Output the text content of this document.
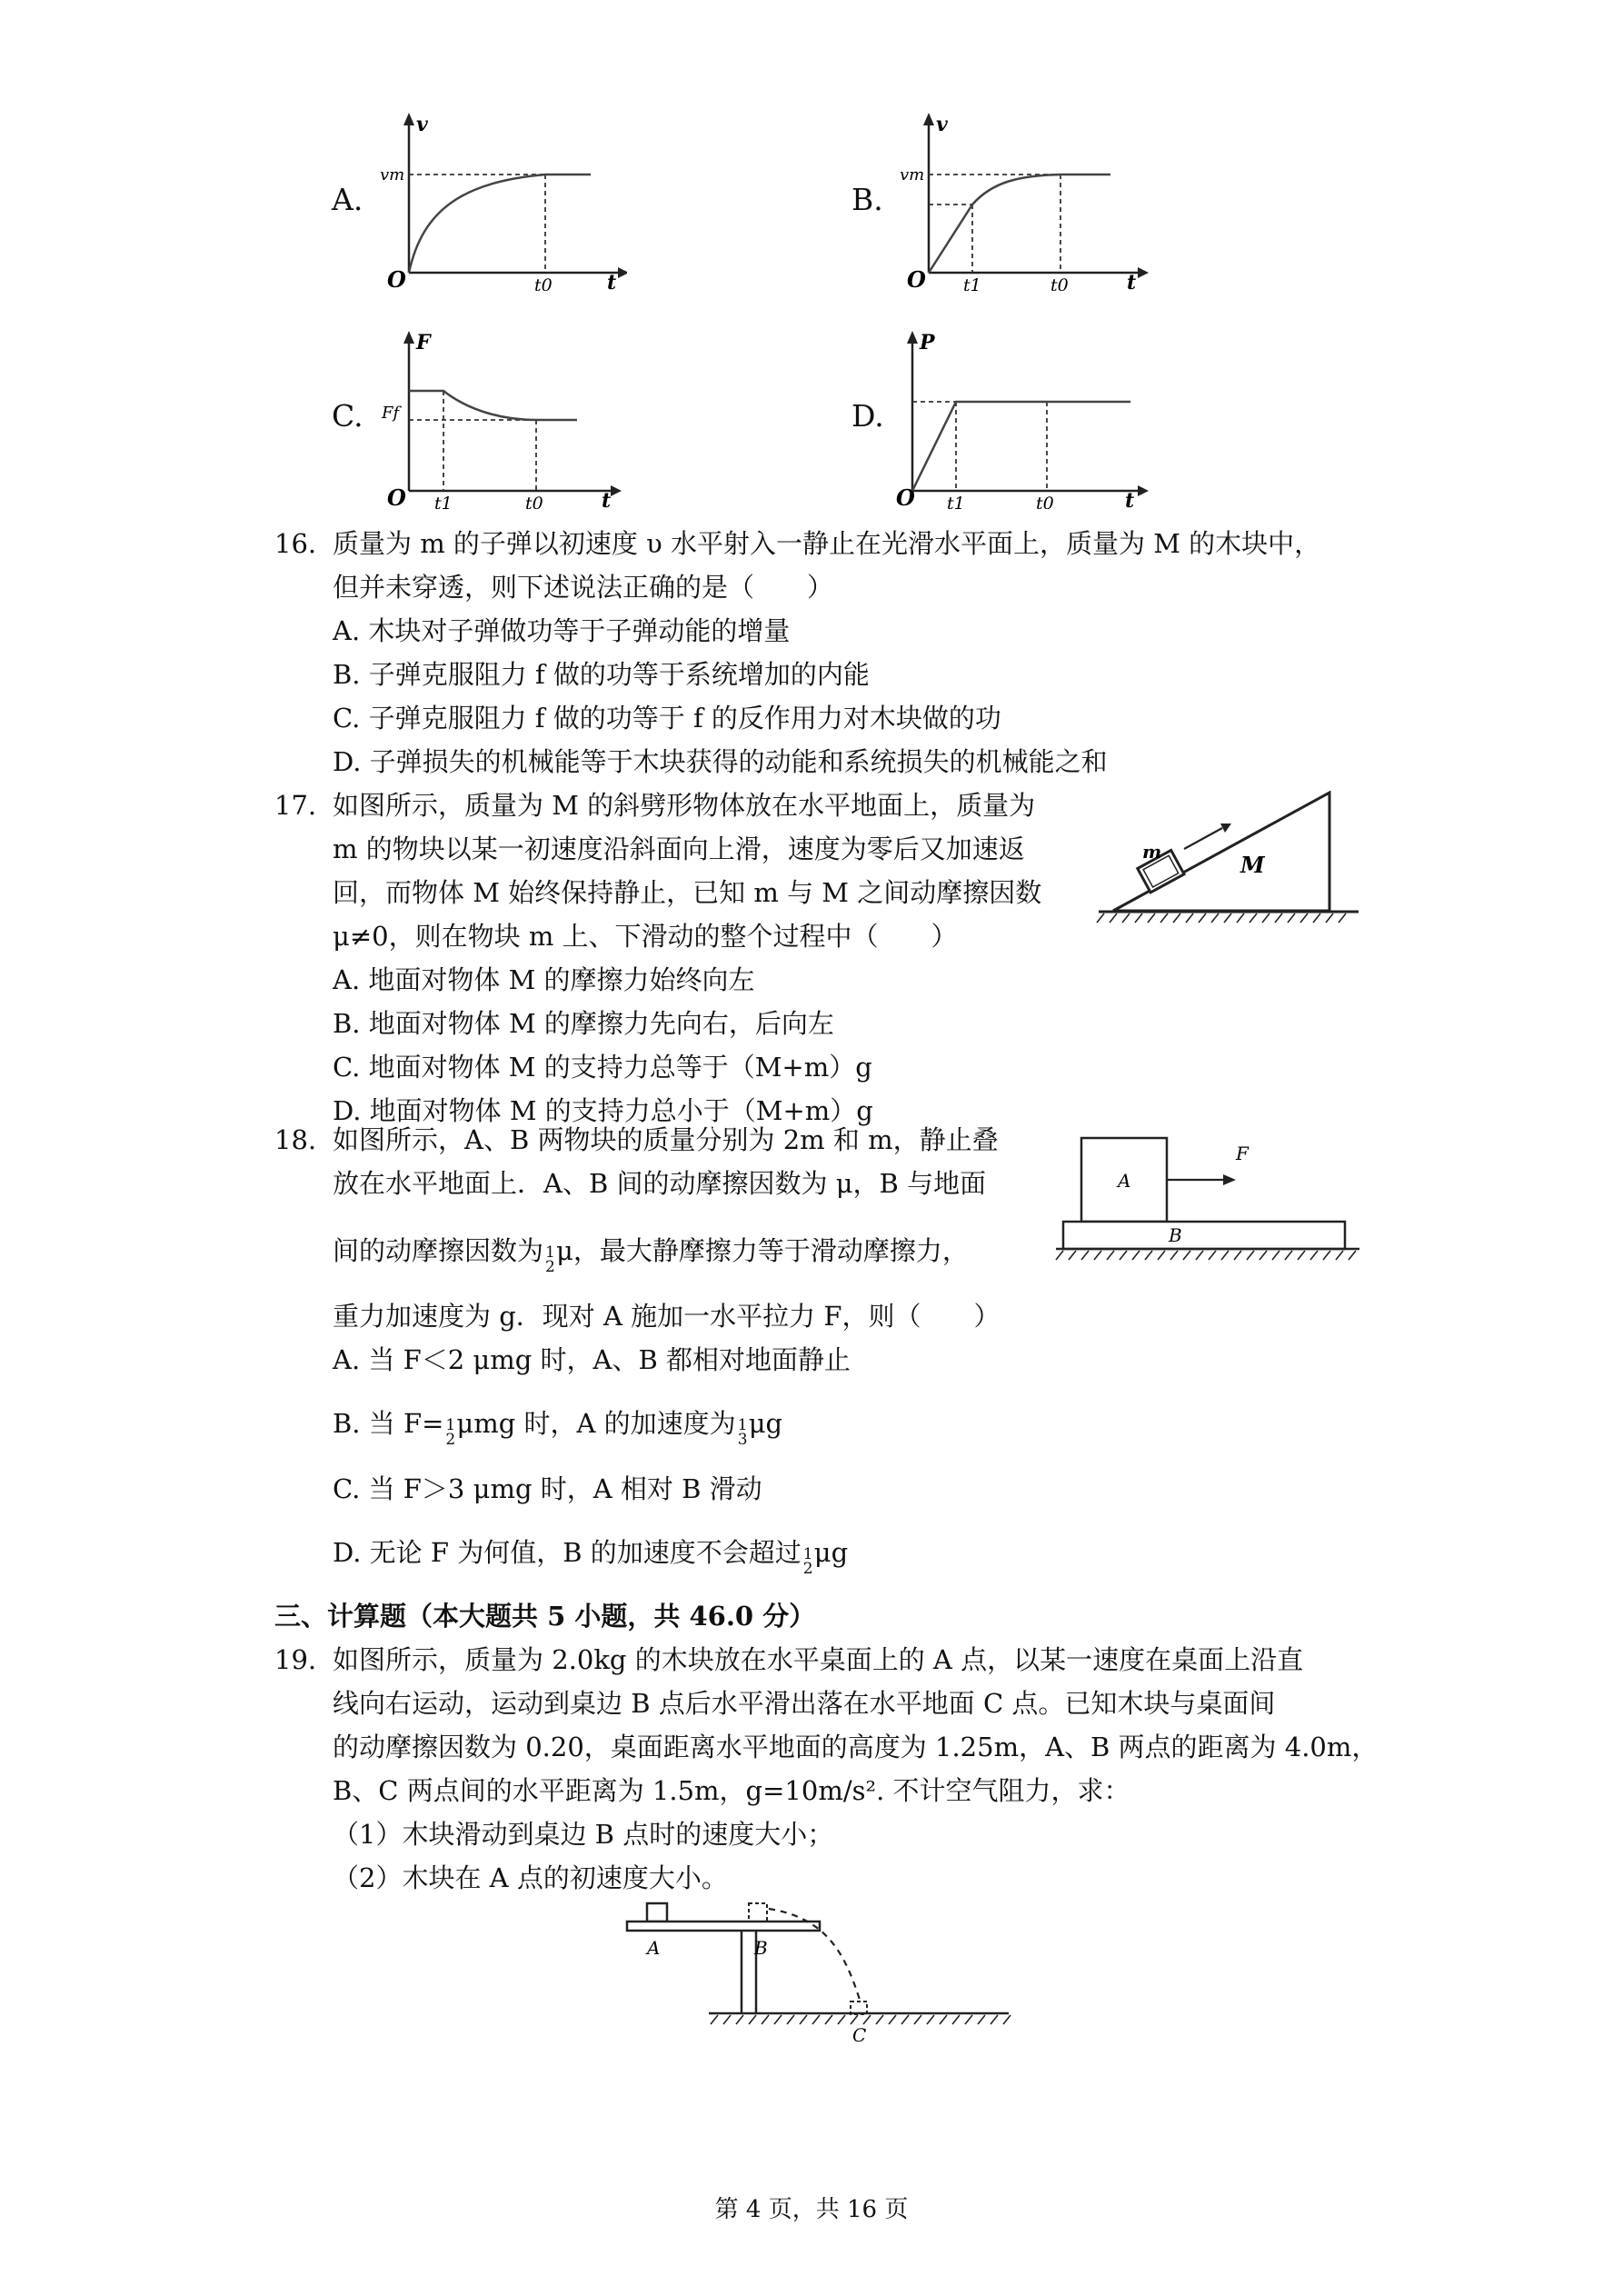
A.
v
t
O
vm
t0
B.
v
t
O
vm
t1	t0
C.
F
t
O
Ff
t1	t0
D.
P
t
O t1	t0
16. 质量为 m 的子弹以初速度 υ 水平射入一静止在光滑水平面上，质量为 M 的木块中，
但并未穿透，则下述说法正确的是（　　）
A. 木块对子弹做功等于子弹动能的增量
B. 子弹克服阻力 f 做的功等于系统增加的内能
C. 子弹克服阻力 f 做的功等于 f 的反作用力对木块做的功
D. 子弹损失的机械能等于木块获得的动能和系统损失的机械能之和
17. 如图所示，质量为 M 的斜劈形物体放在水平地面上，质量为
m 的物块以某一初速度沿斜面向上滑，速度为零后又加速返
回，而物体 M 始终保持静止，已知 m 与 M 之间动摩擦因数
μ≠0，则在物块 m 上、下滑动的整个过程中（　　）
A. 地面对物体 M 的摩擦力始终向左
B. 地面对物体 M 的摩擦力先向右，后向左
C. 地面对物体 M 的支持力总等于（M+m）g
D. 地面对物体 M 的支持力总小于（M+m）g
m	M
18. 如图所示，A、B 两物块的质量分别为 2m 和 m，静止叠
放在水平地面上．A、B 间的动摩擦因数为 μ，B 与地面
间的动摩擦因数为 1
2
μ，最大静摩擦力等于滑动摩擦力，
重力加速度为 g．现对 A 施加一水平拉力 F，则（　　）
A. 当 F＜2 μmg 时，A、B 都相对地面静止
B. 当 F= 1
2
μmg 时，A 的加速度为 1
3
μg
C. 当 F＞3 μmg 时，A 相对 B 滑动
D. 无论 F 为何值，B 的加速度不会超过 1
2
μg
A
B
F
三、计算题（本大题共 5 小题，共 46.0 分）
19. 如图所示，质量为 2.0kg 的木块放在水平桌面上的 A 点，以某一速度在桌面上沿直
线向右运动，运动到桌边 B 点后水平滑出落在水平地面 C 点。已知木块与桌面间
的动摩擦因数为 0.20，桌面距离水平地面的高度为 1.25m，A、B 两点的距离为 4.0m，
B、C 两点间的水平距离为 1.5m，g=10m/s². 不计空气阻力，求：
（1）木块滑动到桌边 B 点时的速度大小；
（2）木块在 A 点的初速度大小。
A	B
C
第 4 页，共 16 页
